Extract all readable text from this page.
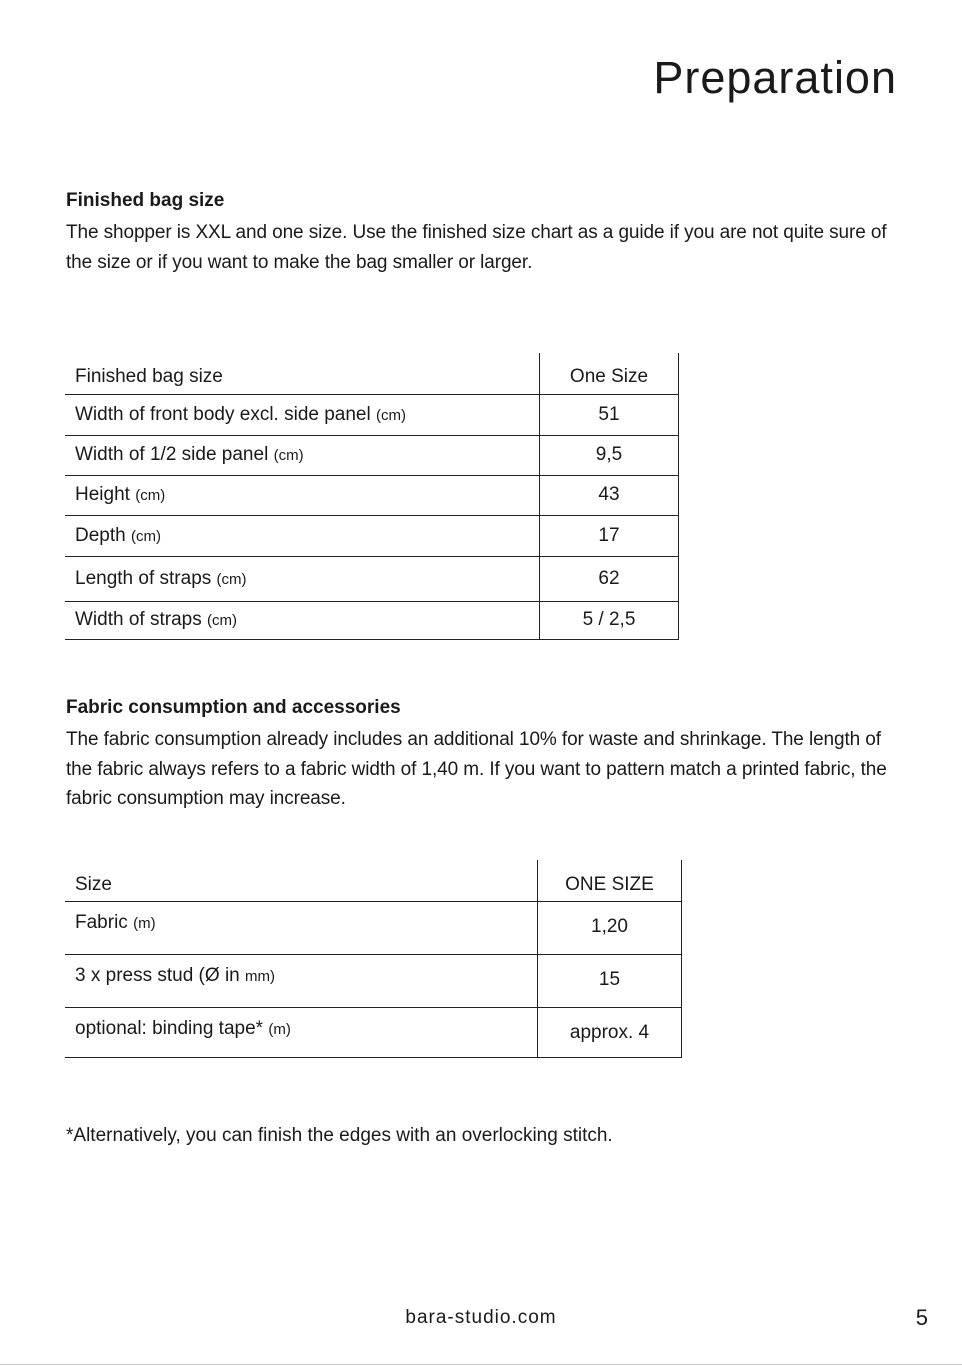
Preparation
Finished bag size

The shopper is XXL and one size. Use the finished size chart as a guide if you are not quite sure of the size or if you want to make the bag smaller or larger.

Finished bag size	One Size
Width of front body excl. side panel (cm)	51
Width of 1/2 side panel (cm)	9,5
Height (cm)	43
Depth (cm)	17
Length of straps (cm)	62
Width of straps (cm)	5 / 2,5
Fabric consumption and accessories

The fabric consumption already includes an additional 10% for waste and shrinkage. The length of the fabric always refers to a fabric width of 1,40 m. If you want to pattern match a printed fabric, the fabric consumption may increase.

Size	ONE SIZE
Fabric (m)	1,20
3 x press stud (Ø in mm)	15
optional: binding tape* (m)	approx. 4

*Alternatively, you can finish the edges with an overlocking stitch.

bara-studio.com	5
